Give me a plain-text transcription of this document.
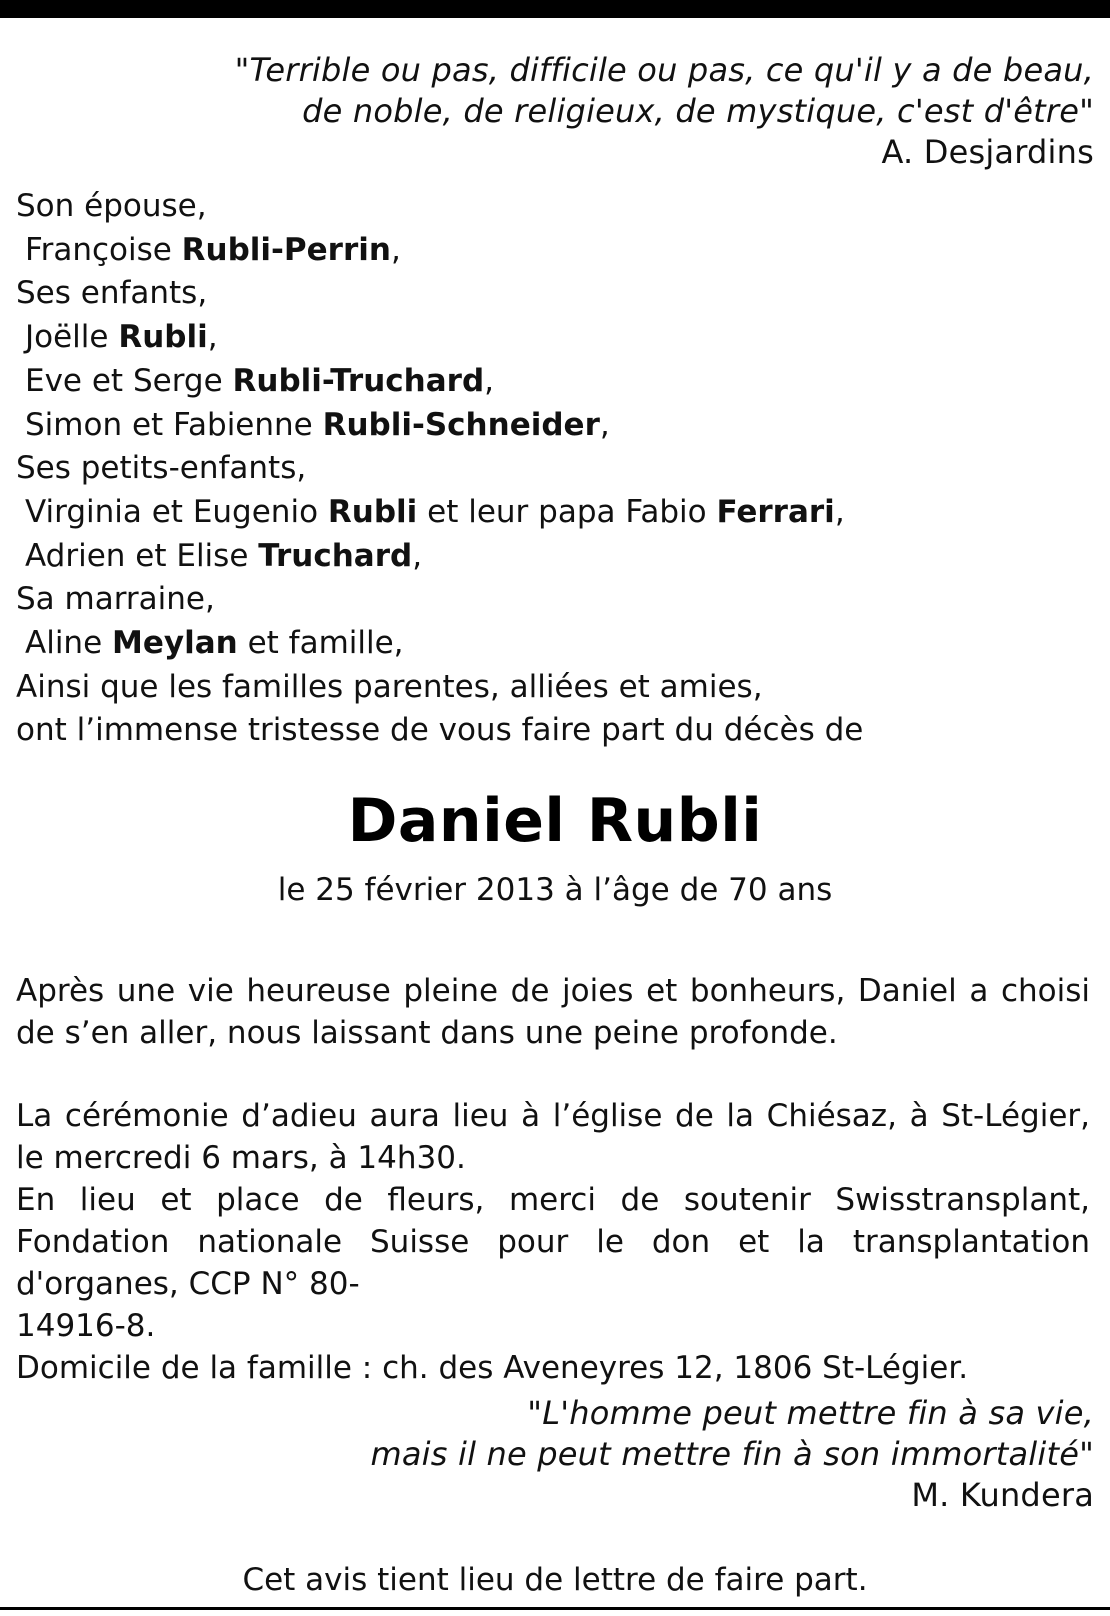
"Terrible ou pas, difficile ou pas, ce qu'il y a de beau,
de noble, de religieux, de mystique, c'est d'être"
A. Desjardins
Son épouse,
Françoise Rubli-Perrin,
Ses enfants,
Joëlle Rubli,
Eve et Serge Rubli-Truchard,
Simon et Fabienne Rubli-Schneider,
Ses petits-enfants,
Virginia et Eugenio Rubli et leur papa Fabio Ferrari,
Adrien et Elise Truchard,
Sa marraine,
Aline Meylan et famille,
Ainsi que les familles parentes, alliées et amies,
ont l’immense tristesse de vous faire part du décès de
Daniel Rubli
le 25 février 2013 à l’âge de 70 ans
Après une vie heureuse pleine de joies et bonheurs, Daniel a choisi de s’en aller, nous laissant dans une peine profonde.
La cérémonie d’adieu aura lieu à l’église de la Chiésaz, à St-Légier, le mercredi 6 mars, à 14h30.
En lieu et place de fleurs, merci de soutenir Swisstransplant, Fondation nationale Suisse pour le don et la transplantation d'organes, CCP N° 80-
14916-8.
Domicile de la famille : ch. des Aveneyres 12, 1806 St-Légier.
"L'homme peut mettre fin à sa vie,
mais il ne peut mettre fin à son immortalité"
M. Kundera
Cet avis tient lieu de lettre de faire part.
